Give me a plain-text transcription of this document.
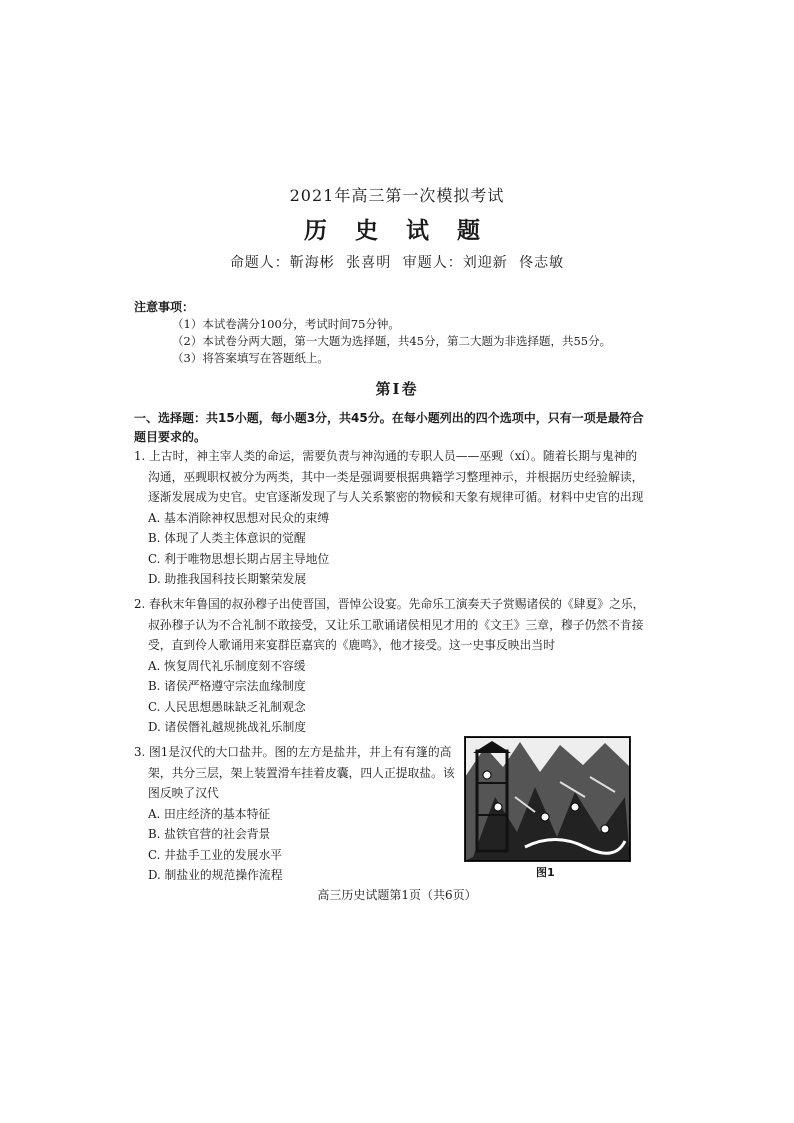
2021年高三第一次模拟考试
历 史 试 题
命题人：靳海彬 张喜明 审题人：刘迎新 佟志敏
注意事项：
（1）本试卷满分100分，考试时间75分钟。
（2）本试卷分两大题，第一大题为选择题，共45分，第二大题为非选择题，共55分。
（3）将答案填写在答题纸上。
第Ⅰ卷
一、选择题：共15小题，每小题3分，共45分。在每小题列出的四个选项中，只有一项是最符合题目要求的。
1. 上古时，神主宰人类的命运，需要负责与神沟通的专职人员——巫觋（xí）。随着长期与鬼神的沟通，巫觋职权被分为两类，其中一类是强调要根据典籍学习整理神示，并根据历史经验解读，逐渐发展成为史官。史官逐渐发现了与人关系繁密的物候和天象有规律可循。材料中史官的出现
A. 基本消除神权思想对民众的束缚
B. 体现了人类主体意识的觉醒
C. 利于唯物思想长期占居主导地位
D. 助推我国科技长期繁荣发展
2. 春秋末年鲁国的叔孙穆子出使晋国，晋悼公设宴。先命乐工演奏天子赏赐诸侯的《肆夏》之乐，叔孙穆子认为不合礼制不敢接受，又让乐工歌诵诸侯相见才用的《文王》三章，穆子仍然不肯接受，直到伶人歌诵用来宴群臣嘉宾的《鹿鸣》，他才接受。这一史事反映出当时
A. 恢复周代礼乐制度刻不容缓
B. 诸侯严格遵守宗法血缘制度
C. 人民思想愚昧缺乏礼制观念
D. 诸侯僭礼越规挑战礼乐制度
3. 图1是汉代的大口盐井。图的左方是盐井，井上有有篷的高架，共分三层，架上装置滑车挂着皮囊，四人正提取盐。该图反映了汉代
A. 田庄经济的基本特征
B. 盐铁官营的社会背景
C. 井盐手工业的发展水平
D. 制盐业的规范操作流程	图1
高三历史试题第1页（共6页）
